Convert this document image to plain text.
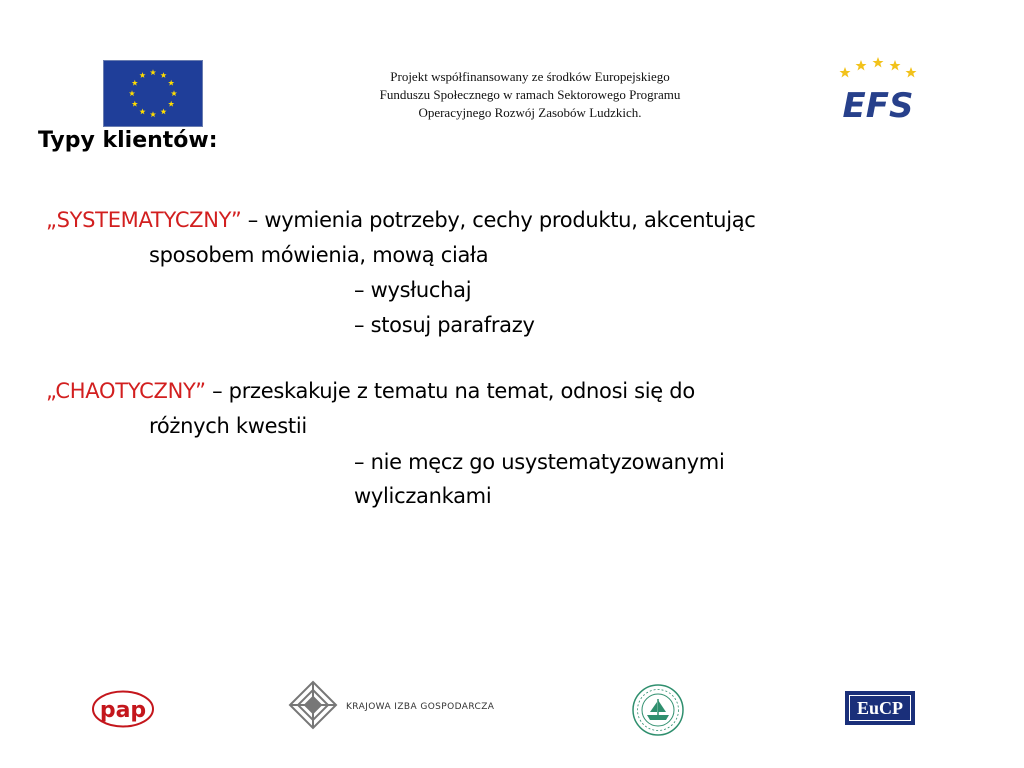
Projekt współfinansowany ze środków Europejskiego
Funduszu Społecznego w ramach Sektorowego Programu
Operacyjnego Rozwój Zasobów Ludzkich.	EFS
Typy klientów:
„SYSTEMATYCZNY” – wymienia potrzeby, cechy produktu, akcentując
sposobem mówienia, mową ciała
– wysłuchaj
– stosuj parafrazy
„CHAOTYCZNY” – przeskakuje z tematu na temat, odnosi się do
różnych kwestii
– nie męcz go usystematyzowanymi
wyliczankami
pap	KRAJOWA IZBA GOSPODARCZA	EuCP
